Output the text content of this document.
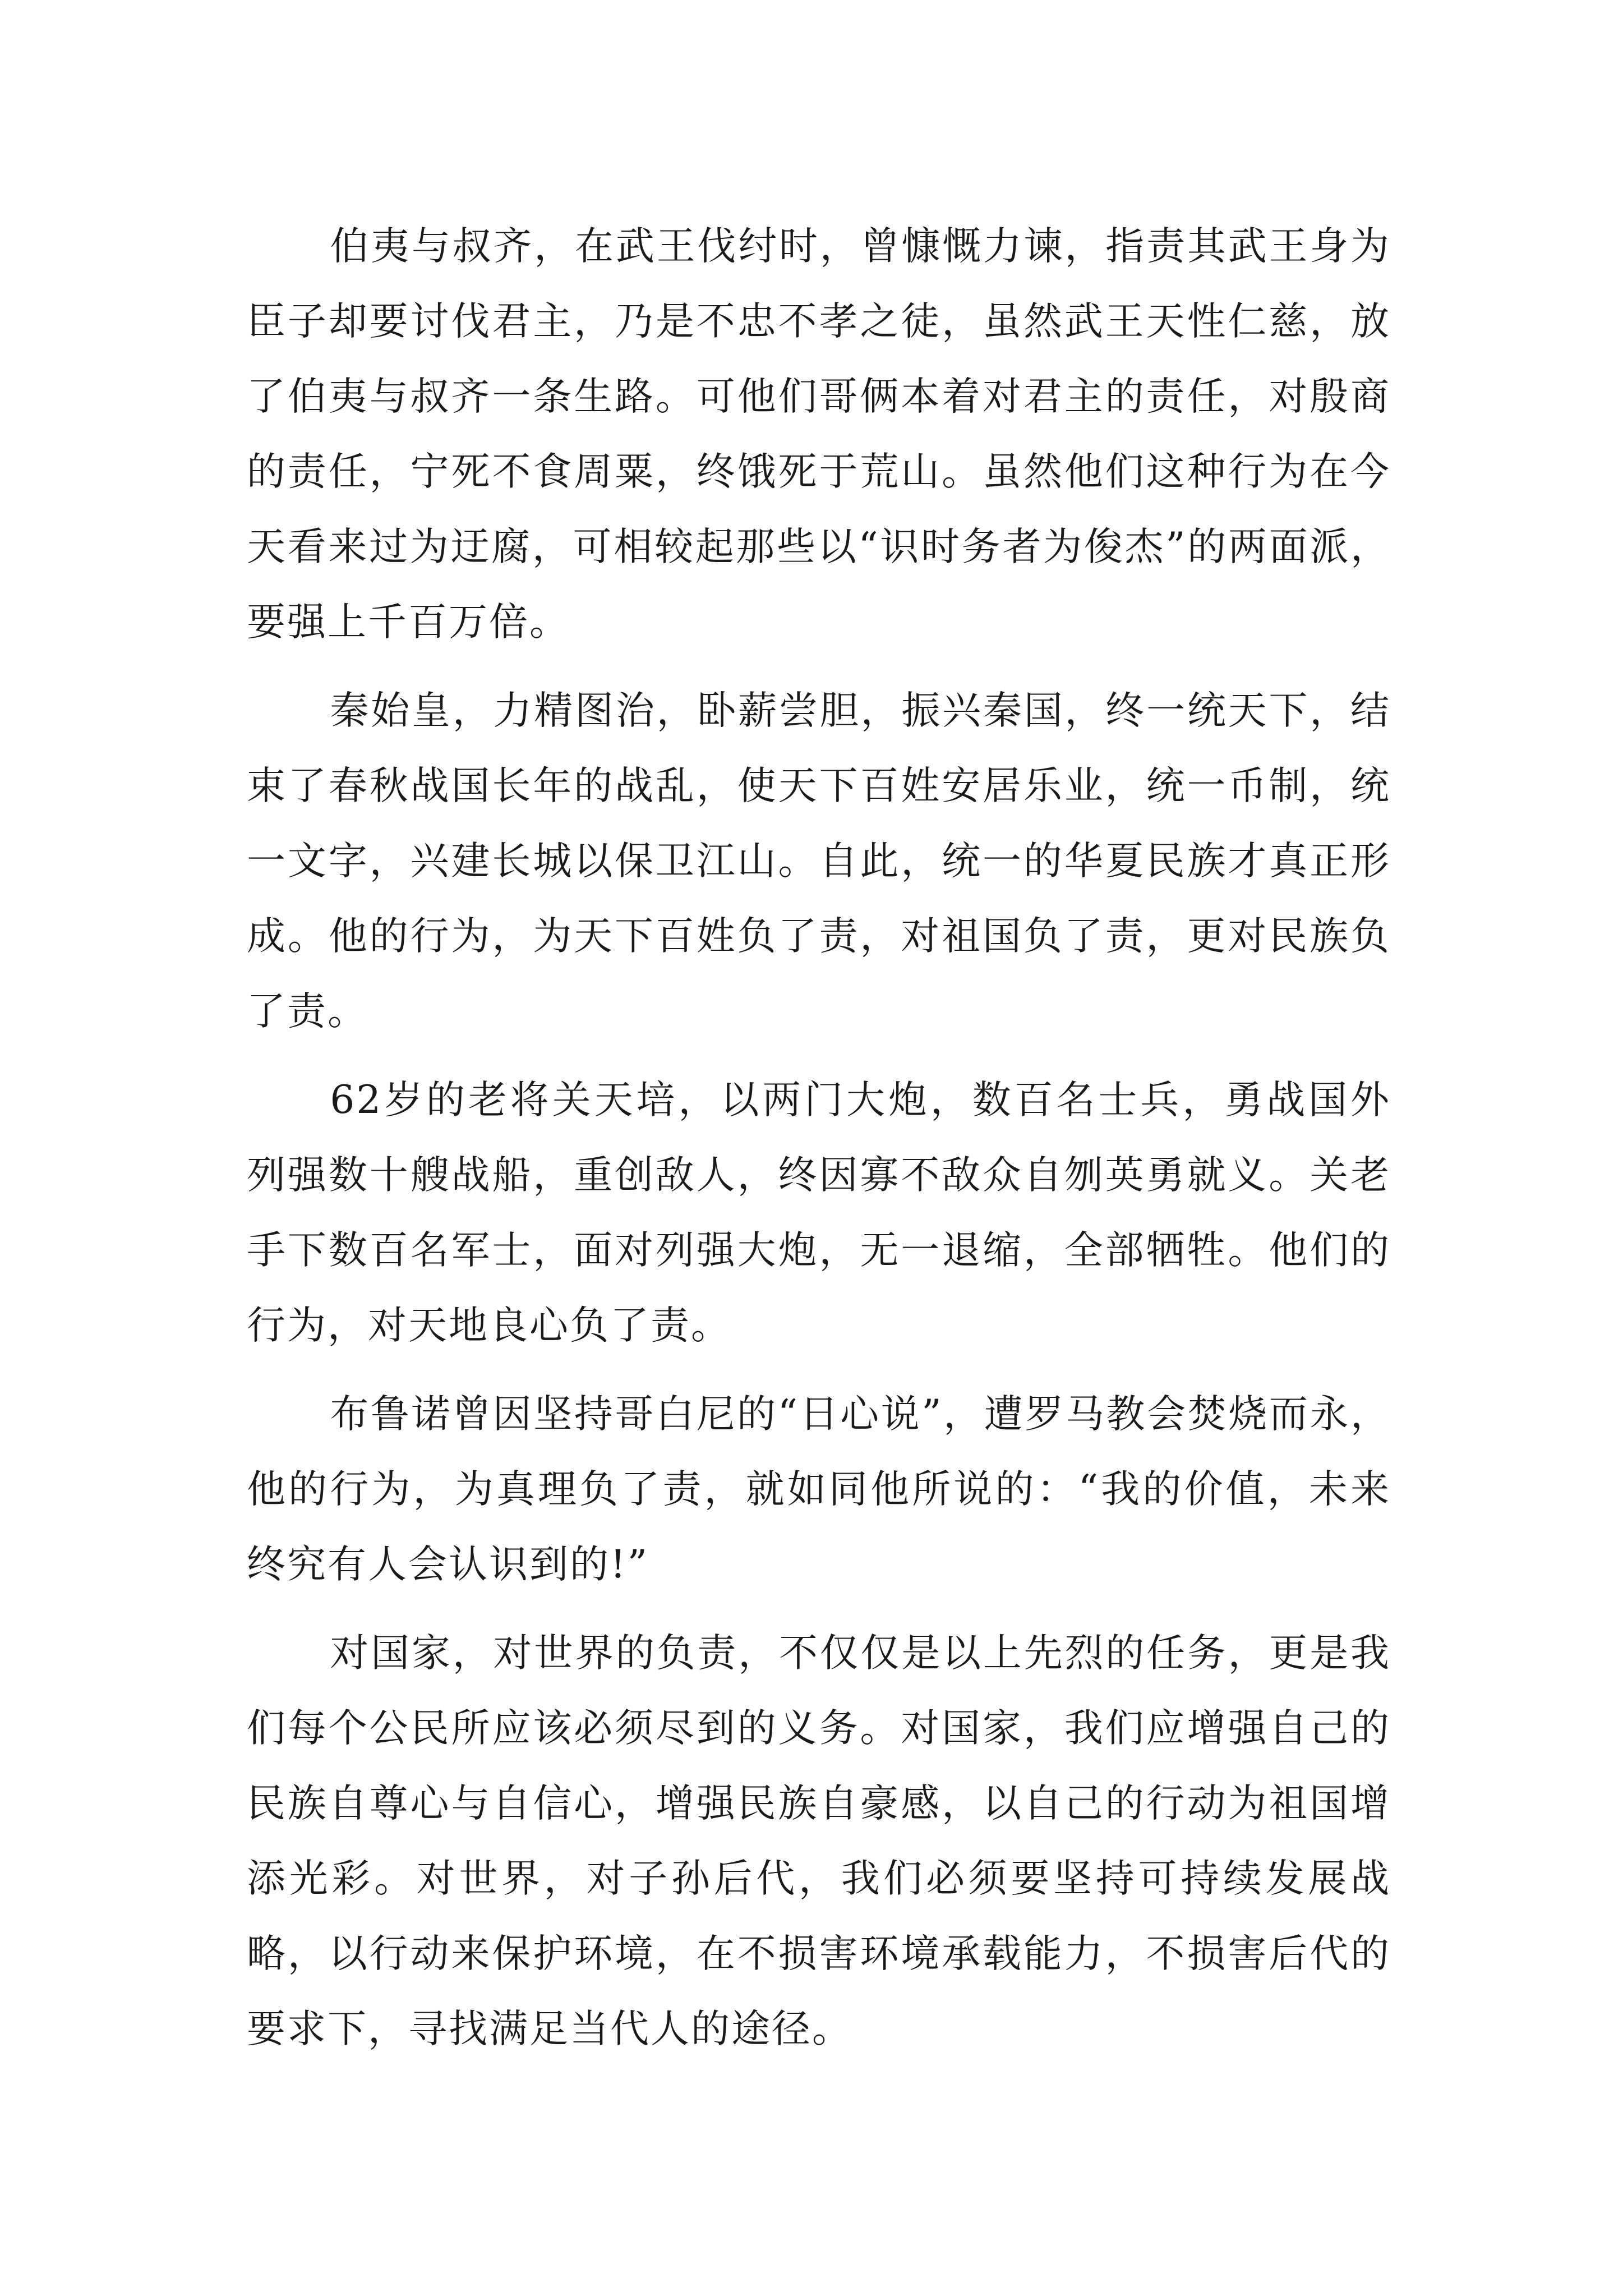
伯夷与叔齐，在武王伐纣时，曾慷慨力谏，指责其武王身为臣子却要讨伐君主，乃是不忠不孝之徒，虽然武王天性仁慈，放了伯夷与叔齐一条生路。可他们哥俩本着对君主的责任，对殷商的责任，宁死不食周粟，终饿死于荒山。虽然他们这种行为在今天看来过为迂腐，可相较起那些以“识时务者为俊杰”的两面派，要强上千百万倍。

秦始皇，力精图治，卧薪尝胆，振兴秦国，终一统天下，结束了春秋战国长年的战乱，使天下百姓安居乐业，统一币制，统一文字，兴建长城以保卫江山。自此，统一的华夏民族才真正形成。他的行为，为天下百姓负了责，对祖国负了责，更对民族负了责。

62岁的老将关天培，以两门大炮，数百名士兵，勇战国外列强数十艘战船，重创敌人，终因寡不敌众自刎英勇就义。关老手下数百名军士，面对列强大炮，无一退缩，全部牺牲。他们的行为，对天地良心负了责。

布鲁诺曾因坚持哥白尼的“日心说”，遭罗马教会焚烧而永，他的行为，为真理负了责，就如同他所说的：“我的价值，未来终究有人会认识到的!”

对国家，对世界的负责，不仅仅是以上先烈的任务，更是我们每个公民所应该必须尽到的义务。对国家，我们应增强自己的民族自尊心与自信心，增强民族自豪感，以自己的行动为祖国增添光彩。对世界，对子孙后代，我们必须要坚持可持续发展战略，以行动来保护环境，在不损害环境承载能力，不损害后代的要求下，寻找满足当代人的途径。
